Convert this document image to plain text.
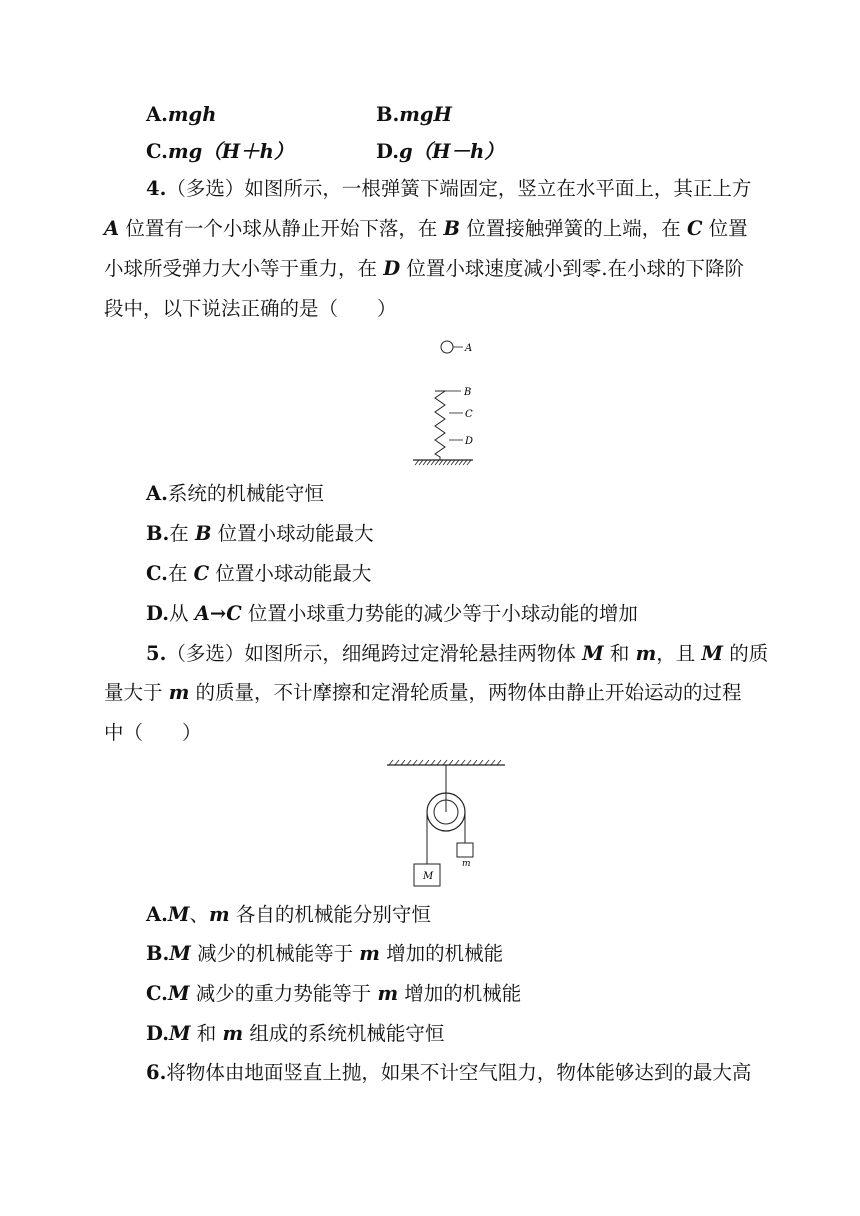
A.mgh	B.mgH
C.mg（H＋h）	D.g（H－h）
4.（多选）如图所示，一根弹簧下端固定，竖立在水平面上，其正上方
A 位置有一个小球从静止开始下落，在 B 位置接触弹簧的上端，在 C 位置
小球所受弹力大小等于重力，在 D 位置小球速度减小到零.在小球的下降阶
段中，以下说法正确的是（　　）
A
B
C
D
A.系统的机械能守恒
B.在 B 位置小球动能最大
C.在 C 位置小球动能最大
D.从 A→C 位置小球重力势能的减少等于小球动能的增加
5.（多选）如图所示，细绳跨过定滑轮悬挂两物体 M 和 m，且 M 的质
量大于 m 的质量，不计摩擦和定滑轮质量，两物体由静止开始运动的过程
中（　　）
M
m
A.M、m 各自的机械能分别守恒
B.M 减少的机械能等于 m 增加的机械能
C.M 减少的重力势能等于 m 增加的机械能
D.M 和 m 组成的系统机械能守恒
6.将物体由地面竖直上抛，如果不计空气阻力，物体能够达到的最大高
